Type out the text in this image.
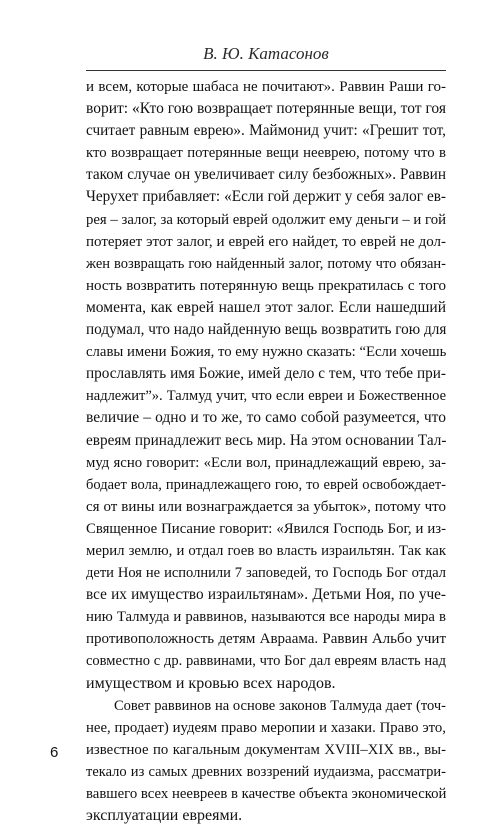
В. Ю. Катасонов
и всем, которые шабаса не почитают». Раввин Раши го-
ворит: «Кто гою возвращает потерянные вещи, тот гоя
считает равным еврею». Маймонид учит: «Грешит тот,
кто возвращает потерянные вещи нееврею, потому что в
таком случае он увеличивает силу безбожных». Раввин
Черухет прибавляет: «Если гой держит у себя залог ев-
рея – залог, за который еврей одолжит ему деньги – и гой
потеряет этот залог, и еврей его найдет, то еврей не дол-
жен возвращать гою найденный залог, потому что обязан-
ность возвратить потерянную вещь прекратилась с того
момента, как еврей нашел этот залог. Если нашедший
подумал, что надо найденную вещь возвратить гою для
славы имени Божия, то ему нужно сказать: “Если хочешь
прославлять имя Божие, имей дело с тем, что тебе при-
надлежит”». Талмуд учит, что если евреи и Божественное
величие – одно и то же, то само собой разумеется, что
евреям принадлежит весь мир. На этом основании Тал-
муд ясно говорит: «Если вол, принадлежащий еврею, за-
бодает вола, принадлежащего гою, то еврей освобождает-
ся от вины или вознаграждается за убыток», потому что
Священное Писание говорит: «Явился Господь Бог, и из-
мерил землю, и отдал гоев во власть израильтян. Так как
дети Ноя не исполнили 7 заповедей, то Господь Бог отдал
все их имущество израильтянам». Детьми Ноя, по уче-
нию Талмуда и раввинов, называются все народы мира в
противоположность детям Авраама. Раввин Альбо учит
совместно с др. раввинами, что Бог дал евреям власть над
имуществом и кровью всех народов.
Совет раввинов на основе законов Талмуда дает (точ-
нее, продает) иудеям право меропии и хазаки. Право это,
известное по кагальным документам XVIII–XIX вв., вы-
текало из самых древних воззрений иудаизма, рассматри-
вавшего всех неевреев в качестве объекта экономической
эксплуатации евреями.
6
